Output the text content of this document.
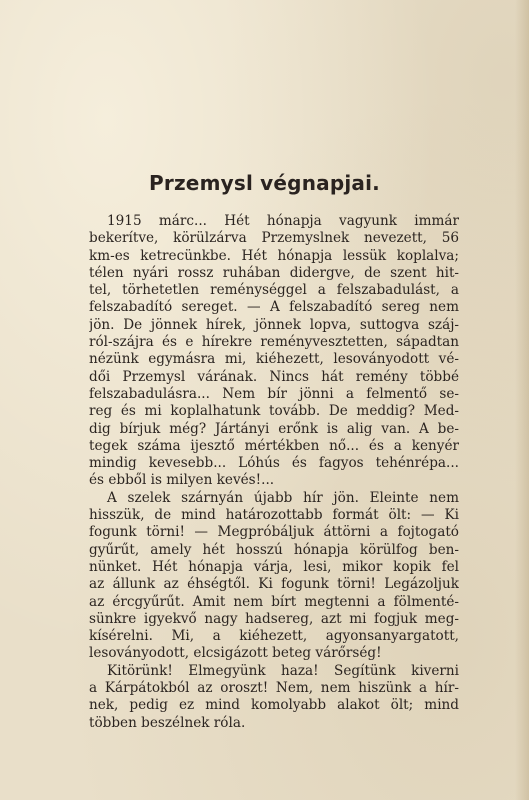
Przemysl végnapjai.
1915 márc... Hét hónapja vagyunk immár
bekerítve, körülzárva Przemyslnek nevezett, 56
km-es ketrecünkbe. Hét hónapja lessük koplalva;
télen nyári rossz ruhában didergve, de szent hit-
tel, törhetetlen reménységgel a felszabadulást, a
felszabadító sereget. — A felszabadító sereg nem
jön. De jönnek hírek, jönnek lopva, suttogva száj-
ról-szájra és e hírekre reményvesztetten, sápadtan
nézünk egymásra mi, kiéhezett, lesoványodott vé-
dői Przemysl várának. Nincs hát remény többé
felszabadulásra... Nem bír jönni a felmentő se-
reg és mi koplalhatunk tovább. De meddig? Med-
dig bírjuk még? Jártányi erőnk is alig van. A be-
tegek száma ijesztő mértékben nő... és a kenyér
mindig kevesebb... Lóhús és fagyos tehénrépa...
és ebből is milyen kevés!...
A szelek szárnyán újabb hír jön. Eleinte nem
hisszük, de mind határozottabb formát ölt: — Ki
fogunk törni! — Megpróbáljuk áttörni a fojtogató
gyűrűt, amely hét hosszú hónapja körülfog ben-
nünket. Hét hónapja várja, lesi, mikor kopik fel
az állunk az éhségtől. Ki fogunk törni! Legázoljuk
az ércgyűrűt. Amit nem bírt megtenni a fölmenté-
sünkre igyekvő nagy hadsereg, azt mi fogjuk meg-
kísérelni. Mi, a kiéhezett, agyonsanyargatott,
lesoványodott, elcsigázott beteg várőrség!
Kitörünk! Elmegyünk haza! Segítünk kiverni
a Kárpátokból az oroszt! Nem, nem hiszünk a hír-
nek, pedig ez mind komolyabb alakot ölt; mind
többen beszélnek róla.
